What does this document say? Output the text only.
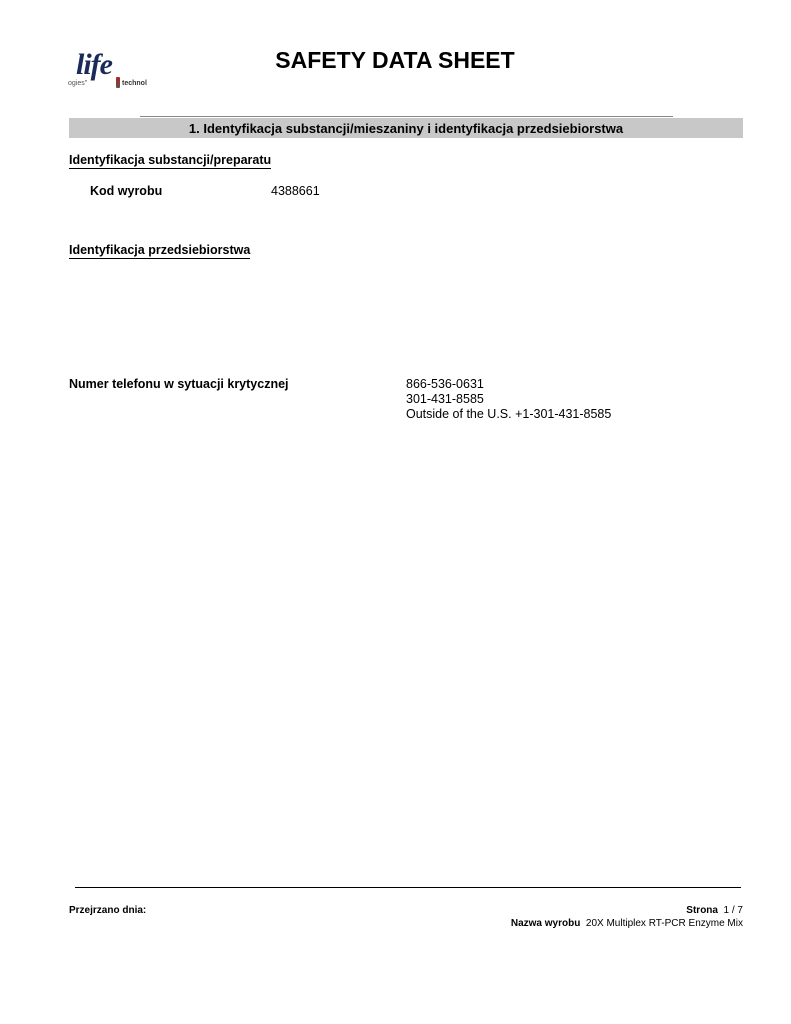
life
ogies"	technol
SAFETY DATA SHEET
1. Identyfikacja substancji/mieszaniny i identyfikacja przedsiebiorstwa
Identyfikacja substancji/preparatu
Kod wyrobu	4388661
Identyfikacja przedsiebiorstwa
Numer telefonu w sytuacji krytycznej	866-536-0631
301-431-8585
Outside of the U.S. +1-301-431-8585
Przejrzano dnia:	Strona 1 / 7
Nazwa wyrobu 20X Multiplex RT-PCR Enzyme Mix
